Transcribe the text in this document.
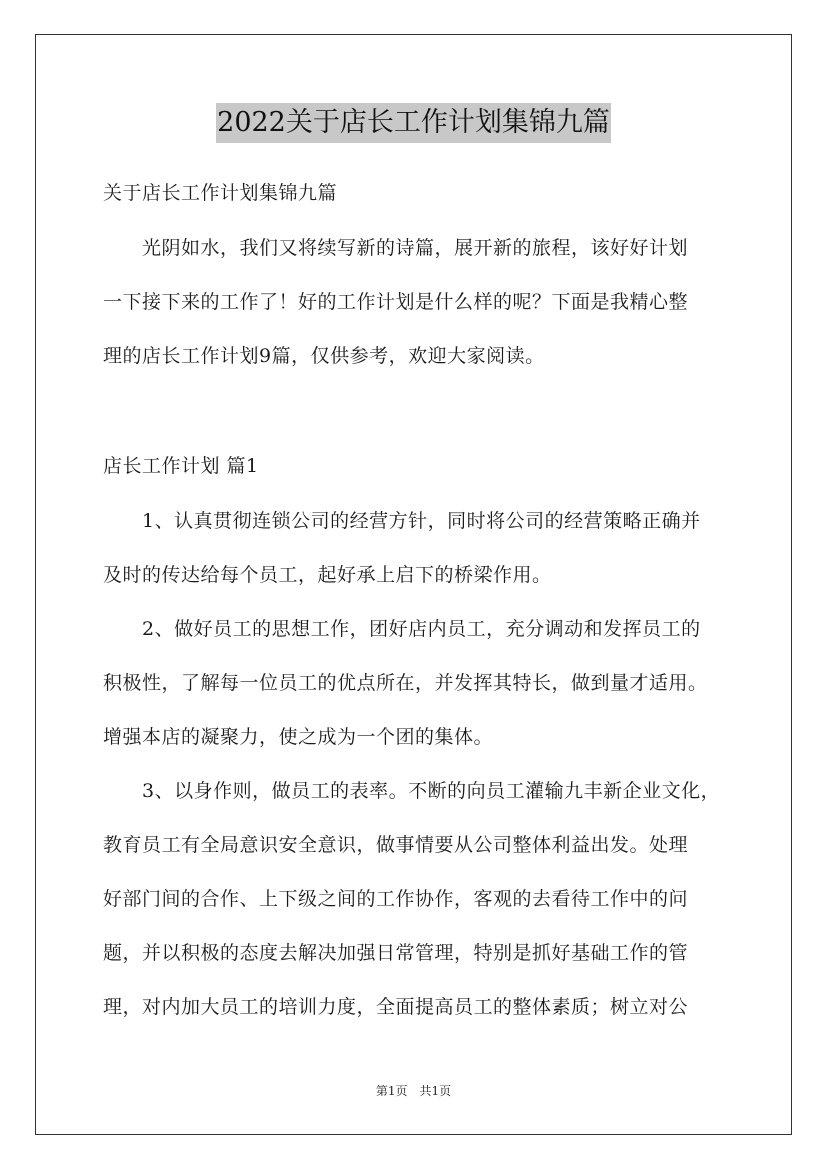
2022关于店长工作计划集锦九篇
关于店长工作计划集锦九篇
　　光阴如水，我们又将续写新的诗篇，展开新的旅程，该好好计划
一下接下来的工作了！好的工作计划是什么样的呢？下面是我精心整
理的店长工作计划9篇，仅供参考，欢迎大家阅读。
店长工作计划 篇1
　　1、认真贯彻连锁公司的经营方针，同时将公司的经营策略正确并
及时的传达给每个员工，起好承上启下的桥梁作用。
　　2、做好员工的思想工作，团好店内员工，充分调动和发挥员工的
积极性，了解每一位员工的优点所在，并发挥其特长，做到量才适用。
增强本店的凝聚力，使之成为一个团的集体。
　　3、以身作则，做员工的表率。不断的向员工灌输九丰新企业文化，
教育员工有全局意识安全意识，做事情要从公司整体利益出发。处理
好部门间的合作、上下级之间的工作协作，客观的去看待工作中的问
题，并以积极的态度去解决加强日常管理，特别是抓好基础工作的管
理，对内加大员工的培训力度，全面提高员工的整体素质；树立对公
第1页　共1页
